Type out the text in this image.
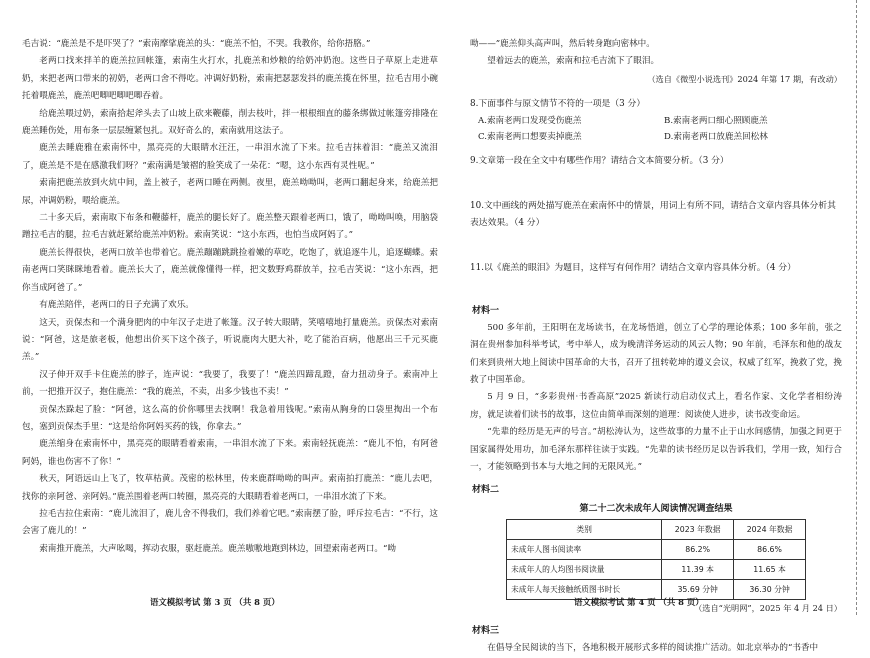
毛吉说：“鹿羔是不是吓哭了？”索南摩挲鹿羔的头：“鹿羔不怕，不哭。我教你，给你捂胳。”

老两口找来拌羊的鹿羔拉回帐篷，索南生火打水，扎鹿羔和炒粮的给奶冲奶泡。这些日子草原上走进草奶，来把老两口带来的初奶，老两口舍不得吃。冲调好奶粉，索南把瑟瑟发抖的鹿羔揽在怀里，拉毛吉用小碗托着喂鹿羔，鹿羔吧唧吧唧吧唧吞着。

给鹿羔喂过奶，索南拾起斧头去了山坡上砍来鞭藤，削去枝叶，拌一根根细直的藤条绑做过帐篷旁排隆在鹿羔睡伤处，用布条一层层缠紧包扎。双好奇么的，索南就用这法子。

鹿羔去睡鹿雅在索南怀中，黑亮亮的大眼睛水汪汪，一串泪水流了下来。拉毛吉抹着泪：“鹿羔又流泪了，鹿羔是不是在感激我们呀？”索南满是皱褶的脸笑成了一朵花：“嗯，这小东西有灵性呢。”

索南把鹿羔放到火炕中间，盖上被子，老两口睡在两侧。夜里，鹿羔呦呦叫，老两口翻起身来，给鹿羔把尿，冲调奶粉，喂给鹿羔。

二十多天后，索南取下布条和鞭藤杆，鹿羔的腿长好了。鹿羔整天跟着老两口，饿了，呦呦叫唤，用脑袋蹭拉毛吉的腿，拉毛吉就赶紧给鹿羔冲奶粉。索南笑说：“这小东西，也怕当成阿妈了。”

鹿羔长得很快，老两口放羊也带着它。鹿羔蹦蹦跳跳捡着嫩的草吃，吃饱了，就追逐牛儿，追逐蝴蝶。索南老两口笑眯眯地看着。鹿羔长大了，鹿羔就像懂得一样，把文数野鸡群放羊，拉毛吉笑说：“这小东西，把你当成阿爸了。”

有鹿羔陪伴，老两口的日子充满了欢乐。

这天，贡保杰和一个满身肥肉的中年汉子走进了帐篷。汉子转大眼睛，笑嘻嘻地打量鹿羔。贡保杰对索南说：“阿爸，这是旅老板，他想出价买下这个孩子，听说鹿肉大肥大补，吃了能治百病，他愿出三千元买鹿羔。”

汉子伸开双手卡住鹿羔的脖子，连声说：“我要了，我要了！”鹿羔四蹄乱蹬，奋力扭动身子。索南冲上前，一把推开汉子，抱住鹿羔：“我的鹿羔，不卖，出多少钱也不卖！”

贡保杰跺起了脸：“阿爸，这么高的价你哪里去找啊！我急着用钱呢。”索南从胸身的口袋里掏出一个布包，塞到贡保杰手里：“这是给你阿妈买药的钱，你拿去。”

鹿羔缩身在索南怀中，黑亮亮的眼睛看着索南，一串泪水流了下来。索南轻抚鹿羔：“鹿儿不怕，有阿爸阿妈，谁也伤害不了你！”

秋天，阿语远山上飞了，牧草枯黄。茂密的松林里，传来鹿群呦呦的叫声。索南拍打鹿羔：“鹿儿去吧，找你的亲阿爸、亲阿妈。”鹿羔围着老两口转圈，黑亮亮的大眼睛看着老两口，一串泪水流了下来。

拉毛吉拉住索南：“鹿儿流泪了，鹿儿舍不得我们，我们养着它吧。”索南摆了脸，呼斥拉毛吉：“不行，这会害了鹿儿的！”

索南推开鹿羔，大声吆喝，挥动衣服，驱赶鹿羔。鹿羔嗷嗷地跑到林边，回望索南老两口。“呦

语文模拟考试 第 3 页 （共 8 页）

呦——”鹿羔仰头高声叫，然后转身跑向密林中。

望着远去的鹿羔，索南和拉毛吉流下了眼泪。

（选自《微型小说选刊》2024 年第 17 期，有改动）

8.下面事件与原文情节不符的一项是（3 分）

A.索南老两口发现受伤鹿羔	B.索南老两口细心照顾鹿羔
C.索南老两口想要卖掉鹿羔	D.索南老两口放鹿羔回松林

9.文章第一段在全文中有哪些作用？请结合文本简要分析。（3 分）

10.文中画线的两处描写鹿羔在索南怀中的情景，用词上有所不同，请结合文章内容具体分析其表达效果。（4 分）

11.以《鹿羔的眼泪》为题目，这样写有何作用？请结合文章内容具体分析。（4 分）

材料一

500 多年前，王阳明在龙场读书，在龙场悟道，创立了心学的理论体系；100 多年前，张之洞在贵州参加科举考试，考中举人，成为晚清洋务运动的风云人物；90 年前，毛泽东和他的战友们来到贵州大地上阅读中国革命的大书，召开了扭转乾坤的遵义会议，权威了红军，挽救了党，挽救了中国革命。

5 月 9 日，“多彩贵州·书香高原”2025 新读行动启动仪式上，看名作家、文化学者相纷涛房，就足读着们读书的故事，这位由简单而深刻的道理：阅读使人进步，读书改变命运。

“先辈的经历是无声的号言。”胡松涛认为，这些故事的力量不止于山水间感情，加强之间更于国家属得处用功，加毛泽东那样往读于实践。“先辈的读书经历足以告诉我们，学用一致，知行合一，才能领略到书本与大地之间的无限风光。”

材料二

第二十二次未成年人阅读情况调查结果

类别	2023 年数据	2024 年数据
未成年人图书阅读率	86.2%	86.6%
未成年人的人均图书阅读量	11.39 本	11.65 本
未成年人每天接触纸质图书时长	35.69 分钟	36.30 分钟

（选自“光明网”，2025 年 4 月 24 日）

材料三

在倡导全民阅读的当下，各地积极开展形式多样的阅读推广活动。如北京举办的“书香中

语文模拟考试 第 4 页 （共 8 页）
